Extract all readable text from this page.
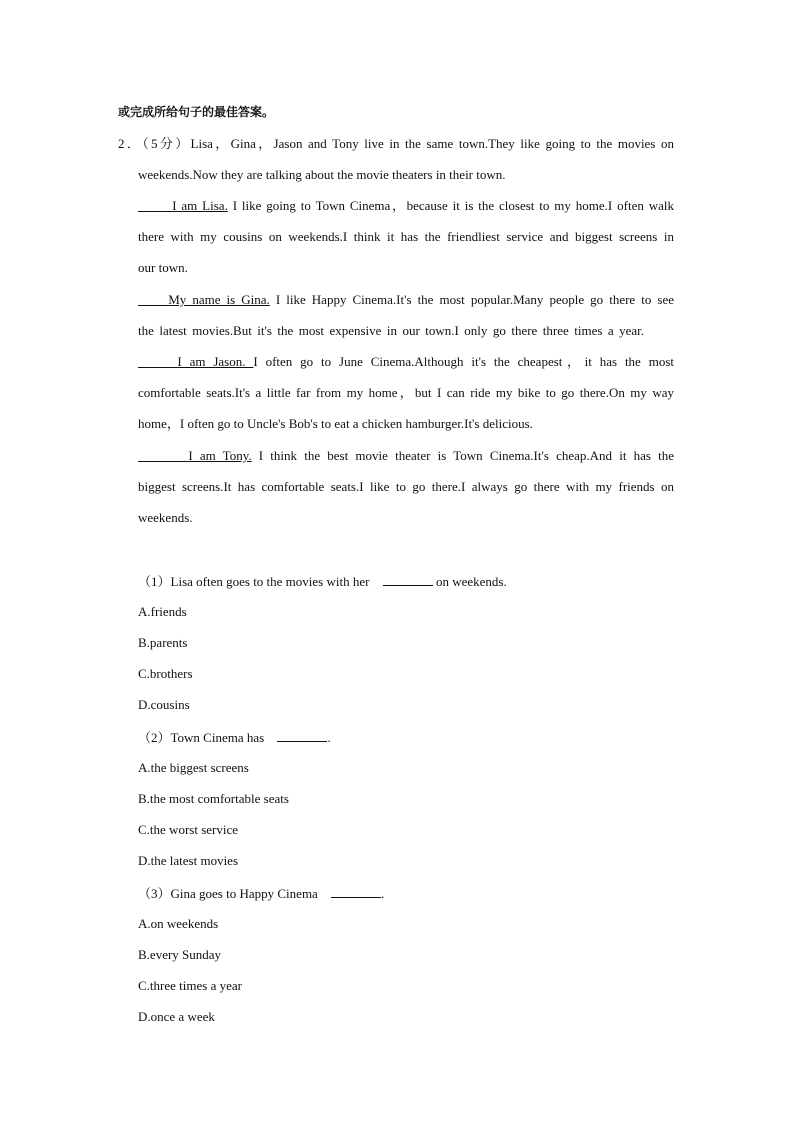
或完成所给句子的最佳答案。
2．（5分）Lisa，Gina，Jason and Tony live in the same town.They like going to the movies on
weekends.Now they are talking about the movie theaters in their town.
I am Lisa. I like going to Town Cinema，because it is the closest to my home.I often walk
there with my cousins on weekends.I think it has the friendliest service and biggest screens in
our town.
My name is Gina. I like Happy Cinema.It's the most popular.Many people go there to see
the latest movies.But it's the most expensive in our town.I only go there three times a year.
I am Jason. I often go to June Cinema.Although it's the cheapest，it has the most
comfortable seats.It's a little far from my home，but I can ride my bike to go there.On my way
home，I often go to Uncle's Bob's to eat a chicken hamburger.It's delicious.
I am Tony. I think the best movie theater is Town Cinema.It's cheap.And it has the
biggest screens.It has comfortable seats.I like to go there.I always go there with my friends on
weekends.
（1）Lisa often goes to the movies with her	on weekends.
A.friends
B.parents
C.brothers
D.cousins
（2）Town Cinema has	.
A.the biggest screens
B.the most comfortable seats
C.the worst service
D.the latest movies
（3）Gina goes to Happy Cinema	.
A.on weekends
B.every Sunday
C.three times a year
D.once a week
